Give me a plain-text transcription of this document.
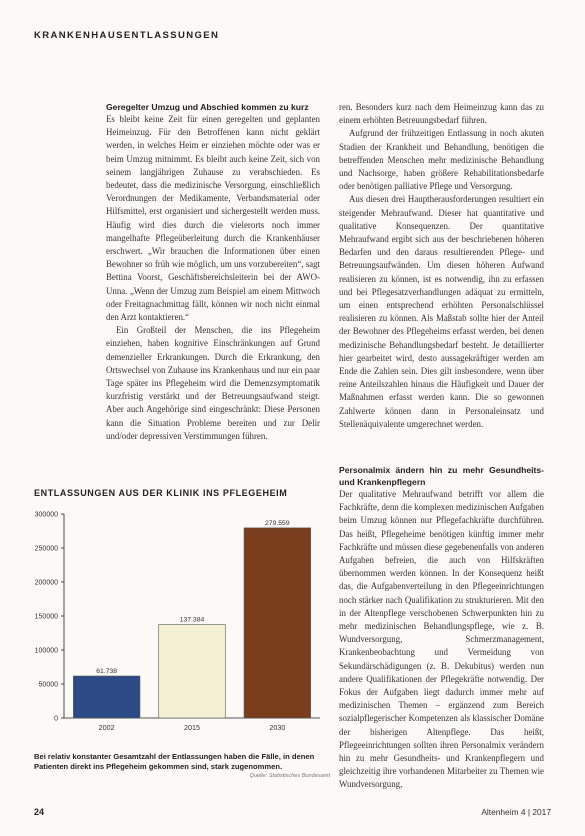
KRANKENHAUSENTLASSUNGEN
Geregelter Umzug und Abschied kommen zu kurz

Es bleibt keine Zeit für einen geregelten und geplanten Heimeinzug. Für den Betroffenen kann nicht geklärt werden, in welches Heim er einziehen möchte oder was er beim Umzug mitnimmt. Es bleibt auch keine Zeit, sich von seinem langjährigen Zuhause zu verabschieden. Es bedeutet, dass die medizinische Versorgung, einschließlich Verordnungen der Medikamente, Verbandsmaterial oder Hilfsmittel, erst organisiert und sichergestellt werden muss. Häufig wird dies durch die vielerorts noch immer mangelhafte Pflegeüberleitung durch die Krankenhäuser erschwert. „Wir brauchen die Informationen über einen Bewohner so früh wie möglich, um uns vorzubereiten“, sagt Bettina Voorst, Geschäftsbereichsleiterin bei der AWO-Unna. „Wenn der Umzug zum Beispiel am einem Mittwoch oder Freitagnachmittag fällt, können wir noch nicht einmal den Arzt kontaktieren.“

Ein Großteil der Menschen, die ins Pflegeheim einziehen, haben kognitive Einschränkungen auf Grund demenzieller Erkrankungen. Durch die Erkrankung, den Ortswechsel von Zuhause ins Krankenhaus und nur ein paar Tage später ins Pflegeheim wird die Demenzsymptomatik kurzfristig verstärkt und der Betreuungsaufwand steigt. Aber auch Angehörige sind eingeschränkt: Diese Personen kann die Situation Probleme bereiten und zur Delir und/oder depressiven Verstimmungen führen.

ren. Besonders kurz nach dem Heimeinzug kann das zu einem erhöhten Betreuungsbedarf führen.

Aufgrund der frühzeitigen Entlassung in noch akuten Stadien der Krankheit und Behandlung, benötigen die betreffenden Menschen mehr medizinische Behandlung und Nachsorge, haben größere Rehabilitationsbedarfe oder benötigen palliative Pflege und Versorgung.

Aus diesen drei Hauptherausforderungen resultiert ein steigender Mehraufwand. Dieser hat quantitative und qualitative Konsequenzen. Der quantitative Mehraufwand ergibt sich aus der beschriebenen höheren Bedarfen und den daraus resultierenden Pflege- und Betreuungsaufwänden. Um diesen höheren Aufwand realisieren zu können, ist es notwendig, ihn zu erfassen und bei Pflegesatzverhandlungen adäquat zu ermitteln, um einen entsprechend erhöhten Personalschlüssel realisieren zu können. Als Maßstab sollte hier der Anteil der Bewohner des Pflegeheims erfasst werden, bei denen medizinische Behandlungsbedarf besteht. Je detaillierter hier gearbeitet wird, desto aussagekräftiger werden am Ende die Zahlen sein. Dies gilt insbesondere, wenn über reine Anteilszahlen hinaus die Häufigkeit und Dauer der Maßnahmen erfasst werden kann. Die so gewonnen Zahlwerte können dann in Personaleinsatz und Stellenäquivalente umgerechnet werden.

Personalmix ändern hin zu mehr Gesundheits- und Krankenpflegern

Der qualitative Mehraufwand betrifft vor allem die Fachkräfte, denn die komplexen medizinischen Aufgaben beim Umzug können nur Pflegefachkräfte durchführen. Das heißt, Pflegeheime benötigen künftig immer mehr Fachkräfte und müssen diese gegebenenfalls von anderen Aufgaben befreien, die auch von Hilfskräften übernommen werden können. In der Konsequenz heißt das, die Aufgabenverteilung in den Pflegeeinrichtungen noch stärker nach Qualifikation zu strukturieren. Mit den in der Altenpflege verschobenen Schwerpunkten hin zu mehr medizinischen Behandlungspflege, wie z. B. Wundversorgung, Schmerzmanagement, Krankenbeobachtung und Vermeidung von Sekundärschädigungen (z. B. Dekubitus) werden nun andere Qualifikationen der Pflegekräfte notwendig. Der Fokus der Aufgaben liegt dadurch immer mehr auf medizinischen Themen – ergänzend zum Bereich sozialpflegerischer Kompetenzen als klassischer Domäne der bisherigen Altenpflege. Das heißt, Pflegeeinrichtungen sollten ihren Personalmix verändern hin zu mehr Gesundheits- und Krankenpflegern und gleichzeitig ihre vorhandenen Mitarbeiter zu Themen wie Wundversorgung,

ENTLASSUNGEN AUS DER KLINIK INS PFLEGEHEIM
0
50000
100000
150000
200000
250000
300000
61.738
2002
137.384
2015
279.559
2030
Bei relativ konstanter Gesamtzahl der Entlassungen haben die Fälle, in denen Patienten direkt ins Pflegeheim gekommen sind, stark zugenommen.
Quelle: Statistisches Bundesamt
24	Altenheim 4 | 2017
